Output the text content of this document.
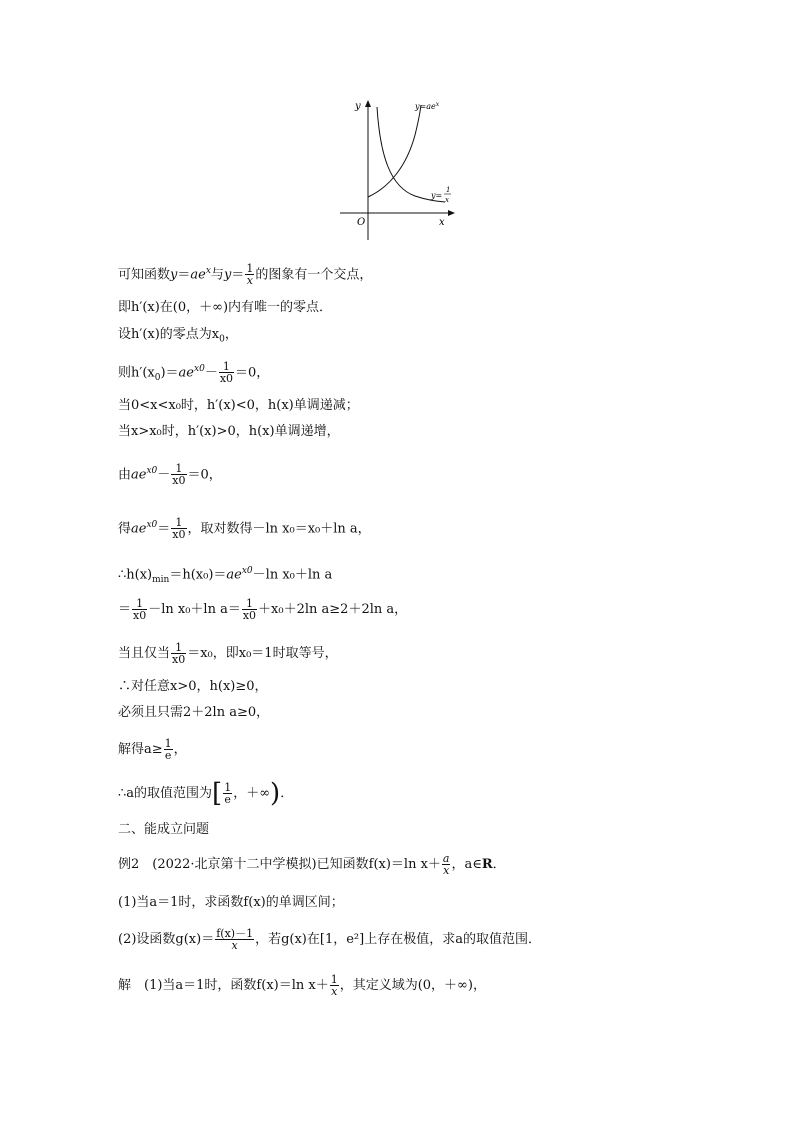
y
x
O
$y=ae^x$
y=
1
x
可知函数$y=ae^x$与$y= \frac{1}{x}$ 的图象有一个交点，
即h′(x)在(0，＋∞)内有唯一的零点．
设h′(x)的零点为$x_0$，
则$h'(x_0)=ae^{x0}- \frac{1}{x0} =0$，
当0<x<x₀时，h′(x)<0，h(x)单调递减；
当x>x₀时，h′(x)>0，h(x)单调递增，
由$ae^{x0}- \frac{1}{x0} =0$，
得$ae^{x0}= \frac{1}{x0}$ ，取对数得－ln x₀＝x₀＋ln a，
$\therefore h(x)_{min}=h(x_0)=ae^{x0}-\ln$ x₀＋ln a
＝ $\frac{1}{x0} -\ln$ x₀＋ln $a= \frac{1}{x0} +x_0+2\ln$ a≥2＋2ln a，
当且仅当 $\frac{1}{x0} =x_0$，即x₀＝1时取等号，
∴对任意x>0，h(x)≥0，
必须且只需2＋2ln a≥0，
解得$a\ge \frac{1}{e}$ ，
∴a的取值范围为[ $\frac{1}{e}$ ，＋∞)．
二、能成立问题
例2　(2022·北京第十二中学模拟)已知函数f(x)＝ln $x+ \frac{a}{x}$ ，a∈R．
(1)当a＝1时，求函数f(x)的单调区间；
(2)设函数$g(x)= \frac{f(x)-1}{x}$ ，若g(x)在[1，e²]上存在极值，求a的取值范围．
解　(1)当a＝1时，函数f(x)＝ln $x+ \frac{1}{x}$ ，其定义域为(0，＋∞)，
